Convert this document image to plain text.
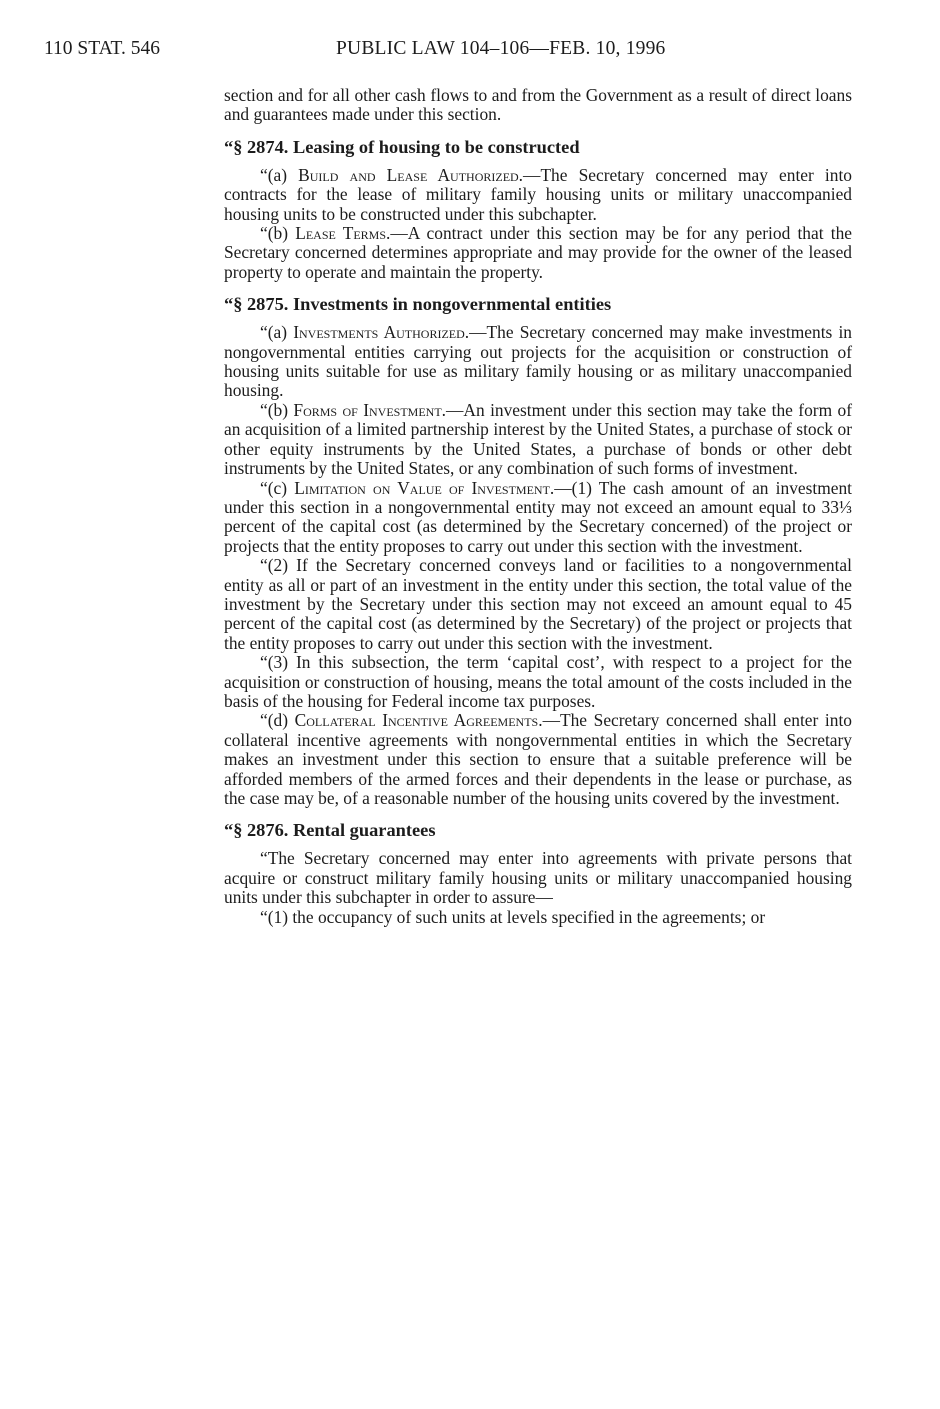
110 STAT. 546	PUBLIC LAW 104–106—FEB. 10, 1996

section and for all other cash flows to and from the Government as a result of direct loans and guarantees made under this section.

“§ 2874. Leasing of housing to be constructed

“(a) Build and Lease Authorized.—The Secretary concerned may enter into contracts for the lease of military family housing units or military unaccompanied housing units to be constructed under this subchapter.

“(b) Lease Terms.—A contract under this section may be for any period that the Secretary concerned determines appropriate and may provide for the owner of the leased property to operate and maintain the property.

“§ 2875. Investments in nongovernmental entities

“(a) Investments Authorized.—The Secretary concerned may make investments in nongovernmental entities carrying out projects for the acquisition or construction of housing units suitable for use as military family housing or as military unaccompanied housing.

“(b) Forms of Investment.—An investment under this section may take the form of an acquisition of a limited partnership interest by the United States, a purchase of stock or other equity instruments by the United States, a purchase of bonds or other debt instruments by the United States, or any combination of such forms of investment.

“(c) Limitation on Value of Investment.—(1) The cash amount of an investment under this section in a nongovernmental entity may not exceed an amount equal to 33⅓ percent of the capital cost (as determined by the Secretary concerned) of the project or projects that the entity proposes to carry out under this section with the investment.

“(2) If the Secretary concerned conveys land or facilities to a nongovernmental entity as all or part of an investment in the entity under this section, the total value of the investment by the Secretary under this section may not exceed an amount equal to 45 percent of the capital cost (as determined by the Secretary) of the project or projects that the entity proposes to carry out under this section with the investment.

“(3) In this subsection, the term ‘capital cost’, with respect to a project for the acquisition or construction of housing, means the total amount of the costs included in the basis of the housing for Federal income tax purposes.

“(d) Collateral Incentive Agreements.—The Secretary concerned shall enter into collateral incentive agreements with nongovernmental entities in which the Secretary makes an investment under this section to ensure that a suitable preference will be afforded members of the armed forces and their dependents in the lease or purchase, as the case may be, of a reasonable number of the housing units covered by the investment.

“§ 2876. Rental guarantees

“The Secretary concerned may enter into agreements with private persons that acquire or construct military family housing units or military unaccompanied housing units under this subchapter in order to assure—

“(1) the occupancy of such units at levels specified in the agreements; or
